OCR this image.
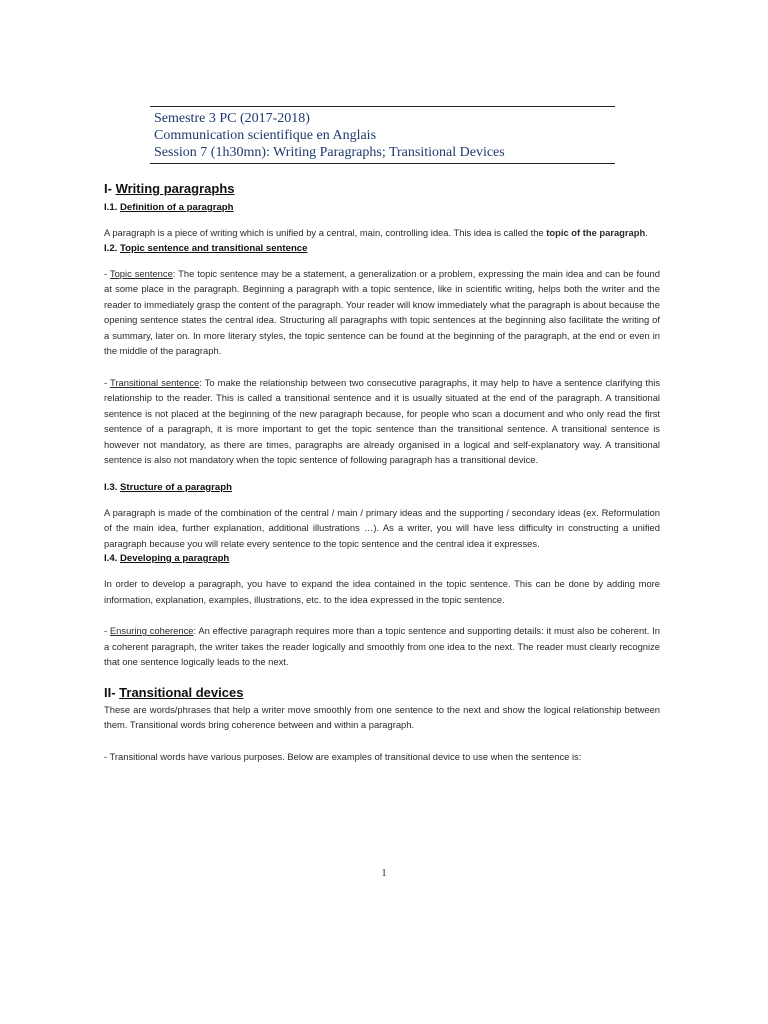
Semestre 3 PC (2017-2018)
Communication scientifique en Anglais
Session 7 (1h30mn): Writing Paragraphs; Transitional Devices
I- Writing paragraphs
I.1. Definition of a paragraph

A paragraph is a piece of writing which is unified by a central, main, controlling idea. This idea is called the topic of the paragraph.

I.2. Topic sentence and transitional sentence

- Topic sentence: The topic sentence may be a statement, a generalization or a problem, expressing the main idea and can be found at some place in the paragraph. Beginning a paragraph with a topic sentence, like in scientific writing, helps both the writer and the reader to immediately grasp the content of the paragraph. Your reader will know immediately what the paragraph is about because the opening sentence states the central idea. Structuring all paragraphs with topic sentences at the beginning also facilitate the writing of a summary, later on. In more literary styles, the topic sentence can be found at the beginning of the paragraph, at the end or even in the middle of the paragraph.

- Transitional sentence: To make the relationship between two consecutive paragraphs, it may help to have a sentence clarifying this relationship to the reader. This is called a transitional sentence and it is usually situated at the end of the paragraph. A transitional sentence is not placed at the beginning of the new paragraph because, for people who scan a document and who only read the first sentence of a paragraph, it is more important to get the topic sentence than the transitional sentence. A transitional sentence is however not mandatory, as there are times, paragraphs are already organised in a logical and self-explanatory way. A transitional sentence is also not mandatory when the topic sentence of following paragraph has a transitional device.

I.3. Structure of a paragraph

A paragraph is made of the combination of the central / main / primary ideas and the supporting / secondary ideas (ex. Reformulation of the main idea, further explanation, additional illustrations …). As a writer, you will have less difficulty in constructing a unified paragraph because you will relate every sentence to the topic sentence and the central idea it expresses.

I.4. Developing a paragraph

In order to develop a paragraph, you have to expand the idea contained in the topic sentence. This can be done by adding more information, explanation, examples, illustrations, etc. to the idea expressed in the topic sentence.

- Ensuring coherence: An effective paragraph requires more than a topic sentence and supporting details: it must also be coherent. In a coherent paragraph, the writer takes the reader logically and smoothly from one idea to the next. The reader must clearly recognize that one sentence logically leads to the next.

II- Transitional devices

These are words/phrases that help a writer move smoothly from one sentence to the next and show the logical relationship between them. Transitional words bring coherence between and within a paragraph.

- Transitional words have various purposes. Below are examples of transitional device to use when the sentence is:

1
